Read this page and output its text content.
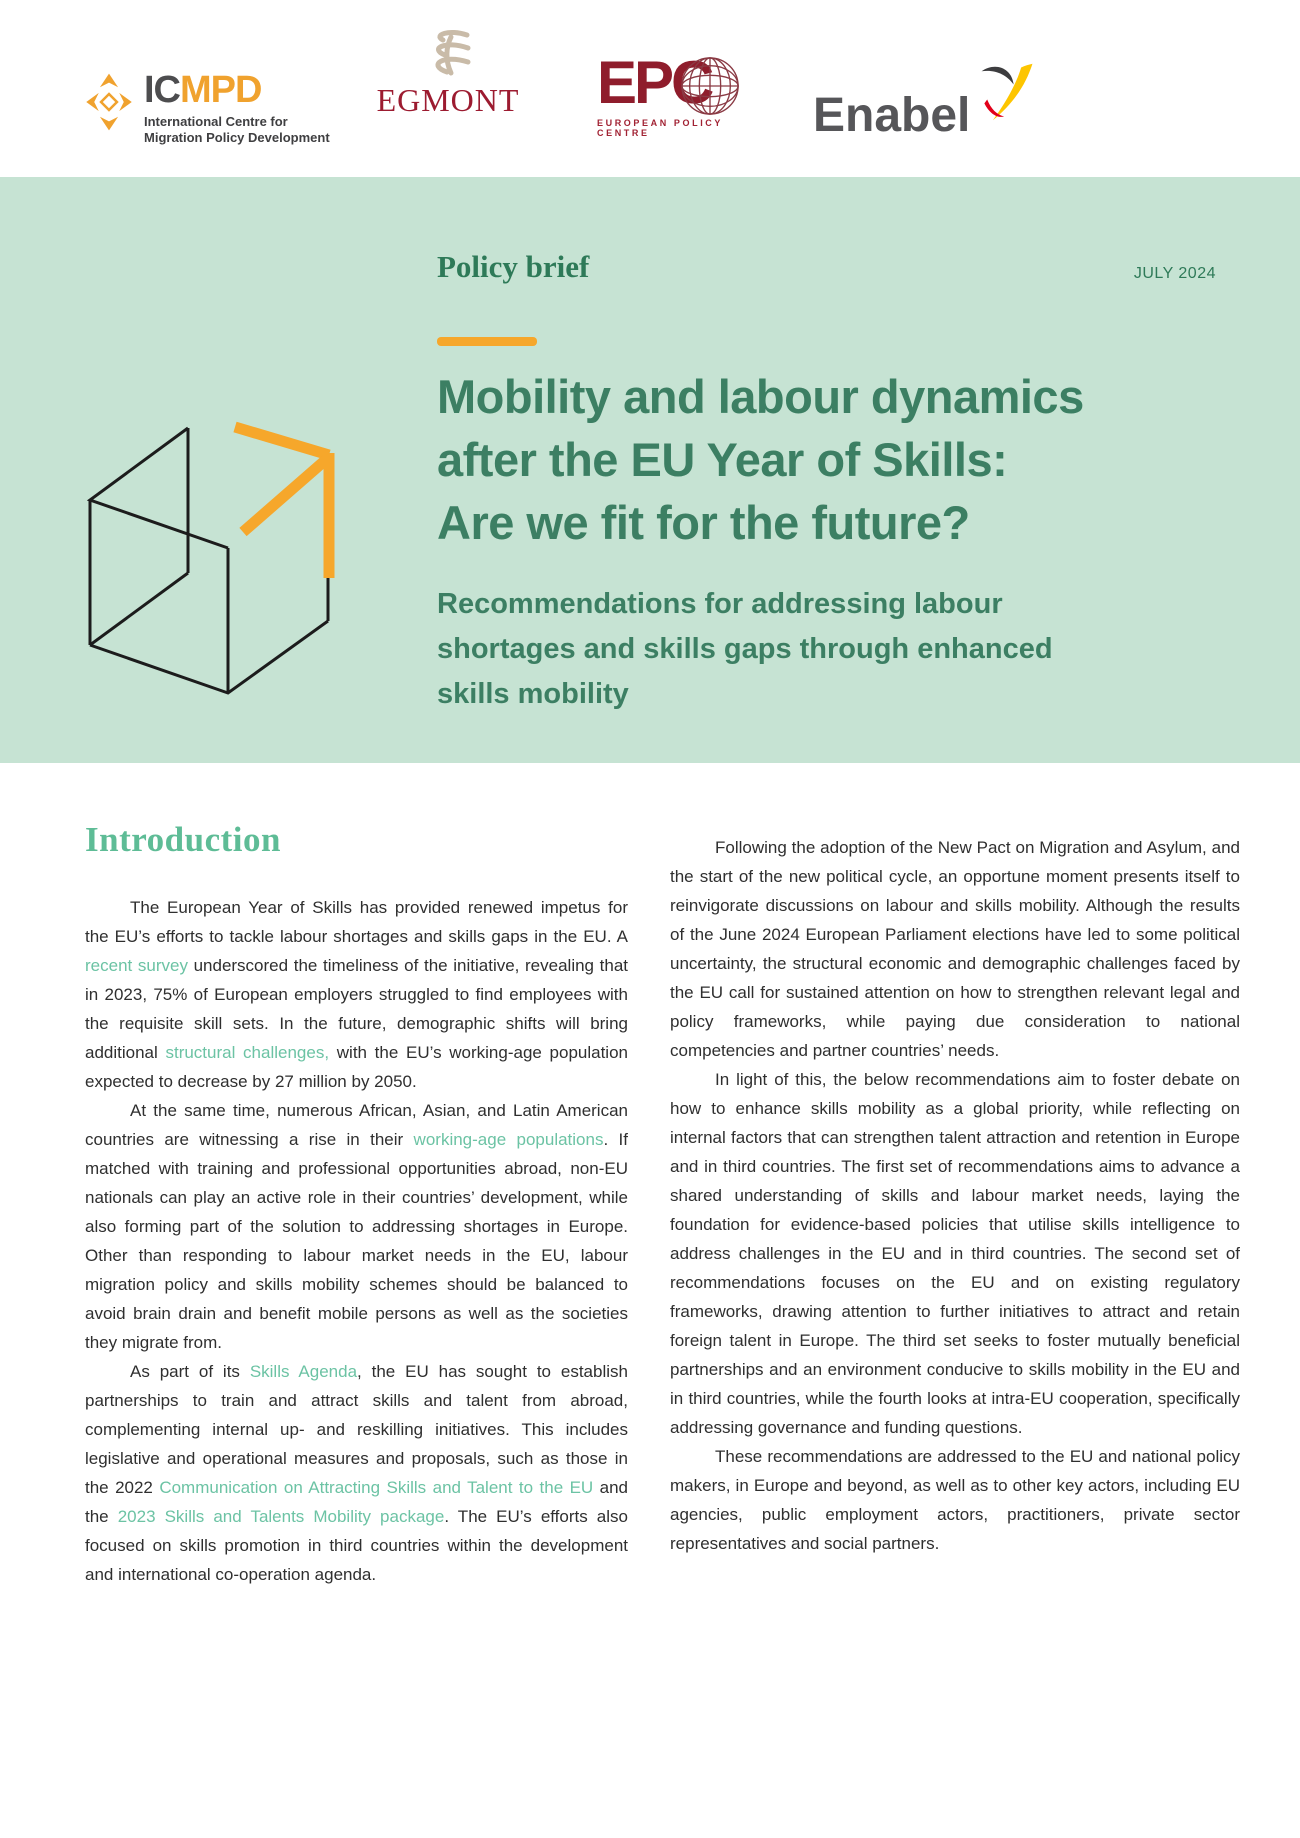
ICMPD
International Centre for
Migration Policy Development
EGMONT	EPC
EUROPEAN POLICY CENTRE	Enabel
Policy brief	JULY 2024
Mobility and labour dynamics
after the EU Year of Skills:
Are we fit for the future?
Recommendations for addressing labour shortages and skills gaps through enhanced skills mobility
Introduction

The European Year of Skills has provided renewed impetus for the EU’s efforts to tackle labour shortages and skills gaps in the EU. A recent survey underscored the timeliness of the initiative, revealing that in 2023, 75% of European employers struggled to find employees with the requisite skill sets. In the future, demographic shifts will bring additional structural challenges, with the EU’s working-age population expected to decrease by 27 million by 2050.

At the same time, numerous African, Asian, and Latin American countries are witnessing a rise in their working-age populations. If matched with training and professional opportunities abroad, non-EU nationals can play an active role in their countries’ development, while also forming part of the solution to addressing shortages in Europe. Other than responding to labour market needs in the EU, labour migration policy and skills mobility schemes should be balanced to avoid brain drain and benefit mobile persons as well as the societies they migrate from.

As part of its Skills Agenda, the EU has sought to establish partnerships to train and attract skills and talent from abroad, complementing internal up- and reskilling initiatives. This includes legislative and operational measures and proposals, such as those in the 2022 Communication on Attracting Skills and Talent to the EU and the 2023 Skills and Talents Mobility package. The EU’s efforts also focused on skills promotion in third countries within the development and international co-operation agenda.

Following the adoption of the New Pact on Migration and Asylum, and the start of the new political cycle, an opportune moment presents itself to reinvigorate discussions on labour and skills mobility. Although the results of the June 2024 European Parliament elections have led to some political uncertainty, the structural economic and demographic challenges faced by the EU call for sustained attention on how to strengthen relevant legal and policy frameworks, while paying due consideration to national competencies and partner countries’ needs.

In light of this, the below recommendations aim to foster debate on how to enhance skills mobility as a global priority, while reflecting on internal factors that can strengthen talent attraction and retention in Europe and in third countries. The first set of recommendations aims to advance a shared understanding of skills and labour market needs, laying the foundation for evidence-based policies that utilise skills intelligence to address challenges in the EU and in third countries. The second set of recommendations focuses on the EU and on existing regulatory frameworks, drawing attention to further initiatives to attract and retain foreign talent in Europe. The third set seeks to foster mutually beneficial partnerships and an environment conducive to skills mobility in the EU and in third countries, while the fourth looks at intra-EU cooperation, specifically addressing governance and funding questions.

These recommendations are addressed to the EU and national policy makers, in Europe and beyond, as well as to other key actors, including EU agencies, public employment actors, practitioners, private sector representatives and social partners.
